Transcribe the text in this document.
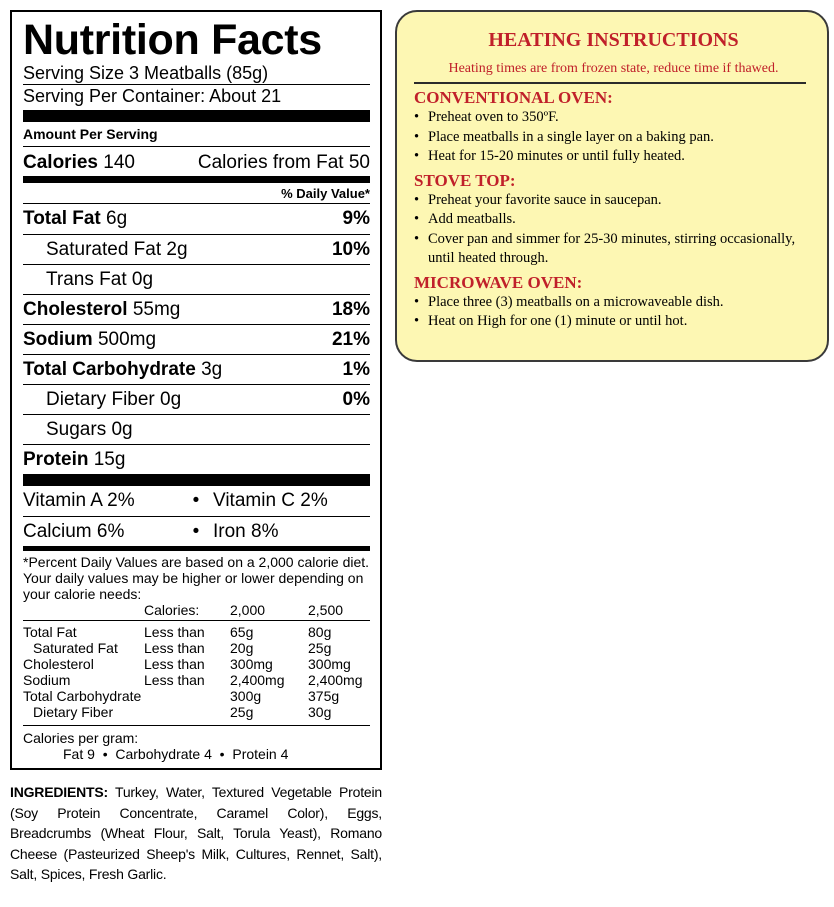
Nutrition Facts
Serving Size 3 Meatballs (85g)
Serving Per Container: About 21
Amount Per Serving
Calories 140	Calories from Fat 50
% Daily Value*
Total Fat 6g	9%
Saturated Fat 2g	10%
Trans Fat 0g
Cholesterol 55mg	18%
Sodium 500mg	21%
Total Carbohydrate 3g	1%
Dietary Fiber 0g	0%
Sugars 0g
Protein 15g
Vitamin A 2%	• Vitamin C 2%
Calcium 6%	• Iron 8%
*Percent Daily Values are based on a 2,000 calorie diet. Your daily values may be higher or lower depending on your calorie needs:
	Calories:	2,000	2,500
Total Fat	Less than	65g	80g
Saturated Fat	Less than	20g	25g
Cholesterol	Less than	300mg	300mg
Sodium	Less than	2,400mg	2,400mg
Total Carbohydrate		300g	375g
Dietary Fiber		25g	30g
Calories per gram:
Fat 9 • Carbohydrate 4 • Protein 4
INGREDIENTS: Turkey, Water, Textured Vegetable Protein (Soy Protein Concentrate, Caramel Color), Eggs, Breadcrumbs (Wheat Flour, Salt, Torula Yeast), Romano Cheese (Pasteurized Sheep's Milk, Cultures, Rennet, Salt), Salt, Spices, Fresh Garlic.
HEATING INSTRUCTIONS
Heating times are from frozen state, reduce time if thawed.
CONVENTIONAL OVEN:
• Preheat oven to 350ºF.
• Place meatballs in a single layer on a baking pan.
• Heat for 15-20 minutes or until fully heated.
STOVE TOP:
• Preheat your favorite sauce in saucepan.
• Add meatballs.
• Cover pan and simmer for 25-30 minutes, stirring occasionally, until heated through.
MICROWAVE OVEN:
• Place three (3) meatballs on a microwaveable dish.
• Heat on High for one (1) minute or until hot.
